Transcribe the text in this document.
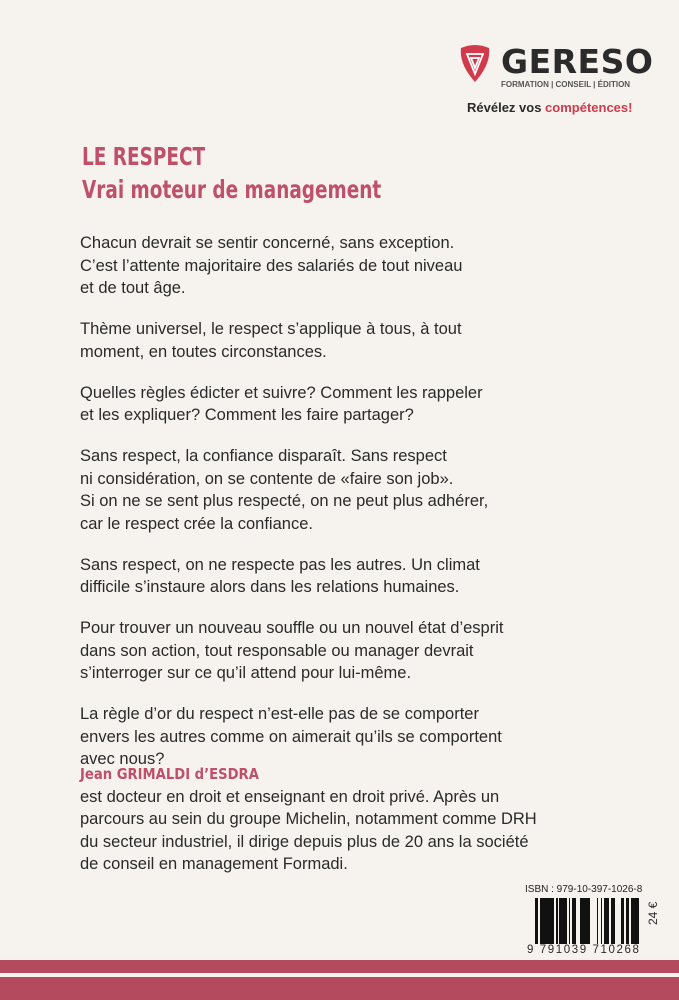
GERESO
FORMATION | CONSEIL | ÉDITION
Révélez vos compétences!
LE RESPECT
Vrai moteur de management

Chacun devrait se sentir concerné, sans exception.
C’est l’attente majoritaire des salariés de tout niveau
et de tout âge.

Thème universel, le respect s’applique à tous, à tout
moment, en toutes circonstances.

Quelles règles édicter et suivre? Comment les rappeler
et les expliquer? Comment les faire partager?

Sans respect, la confiance disparaît. Sans respect
ni considération, on se contente de «faire son job».
Si on ne se sent plus respecté, on ne peut plus adhérer,
car le respect crée la confiance.

Sans respect, on ne respecte pas les autres. Un climat
difficile s’instaure alors dans les relations humaines.

Pour trouver un nouveau souffle ou un nouvel état d’esprit
dans son action, tout responsable ou manager devrait
s’interroger sur ce qu’il attend pour lui-même.

La règle d’or du respect n’est-elle pas de se comporter
envers les autres comme on aimerait qu’ils se comportent
avec nous?

Jean GRIMALDI d’ESDRA
est docteur en droit et enseignant en droit privé. Après un
parcours au sein du groupe Michelin, notamment comme DRH
du secteur industriel, il dirige depuis plus de 20 ans la société
de conseil en management Formadi.
ISBN : 979-10-397-1026-8
9 791039 710268
24 €
